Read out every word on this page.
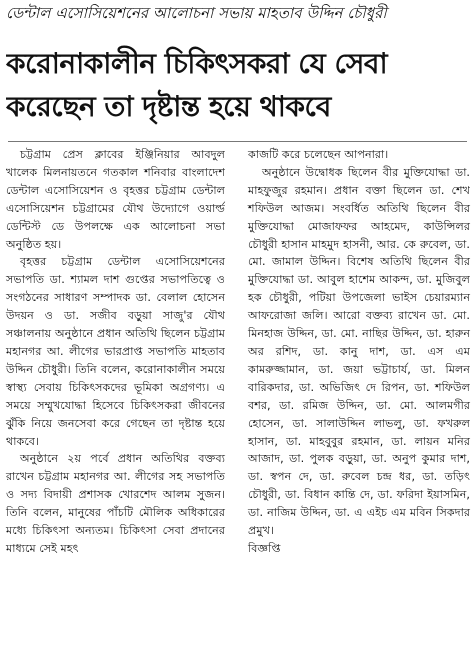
ডেন্টাল এসোসিয়েশনের আলোচনা সভায় মাহতাব উদ্দিন চৌধুরী
করোনাকালীন চিকিৎসকরা যে সেবা
করেছেন তা দৃষ্টান্ত হয়ে থাকবে

চট্টগ্রাম প্রেস ক্লাবের ইঞ্জিনিয়ার আবদুল খালেক মিলনায়তনে গতকাল শনিবার বাংলাদেশ ডেন্টাল এসোসিয়েশন ও বৃহত্তর চট্টগ্রাম ডেন্টাল এসোসিয়েশন চট্টগ্রামের যৌথ উদ্যোগে ওয়ার্ল্ড ডেন্টিস্ট ডে উপলক্ষে এক আলোচনা সভা অনুষ্ঠিত হয়।

বৃহত্তর চট্টগ্রাম ডেন্টাল এসোসিয়েশনের সভাপতি ডা. শ্যামল দাশ গুপ্তের সভাপতিত্বে ও সংগঠনের সাধারণ সম্পাদক ডা. বেলাল হোসেন উদয়ন ও ডা. সজীব বড়ুয়া সাজু'র যৌথ সঞ্চালনায় অনুষ্ঠানে প্রধান অতিথি ছিলেন চট্টগ্রাম মহানগর আ. লীগের ভারপ্রাপ্ত সভাপতি মাহতাব উদ্দিন চৌধুরী। তিনি বলেন, করোনাকালীন সময়ে স্বাস্থ্য সেবায় চিকিৎসকদের ভূমিকা অগ্রগণ্য। এ সময়ে সম্মুখযোদ্ধা হিসেবে চিকিৎসকরা জীবনের ঝুঁকি নিয়ে জনসেবা করে গেছেন তা দৃষ্টান্ত হয়ে থাকবে।

অনুষ্ঠানে ২য় পর্বে প্রধান অতিথির বক্তব্য রাখেন চট্টগ্রাম মহানগর আ. লীগের সহ সভাপতি ও সদ্য বিদায়ী প্রশাসক খোরশেদ আলম সুজন। তিনি বলেন, মানুষের পাঁচটি মৌলিক অধিকারের মধ্যে চিকিৎসা অন্যতম। চিকিৎসা সেবা প্রদানের মাধ্যমে সেই মহৎ

কাজটি করে চলেছেন আপনারা।

অনুষ্ঠানে উদ্বোধক ছিলেন বীর মুক্তিযোদ্ধা ডা. মাহফুজুর রহমান। প্রধান বক্তা ছিলেন ডা. শেখ শফিউল আজম। সংবর্ধিত অতিথি ছিলেন বীর মুক্তিযোদ্ধা মোজাফফর আহমেদ, কাউন্সিলর চৌধুরী হাসান মাহমুদ হাসনী, আর. কে রুবেল, ডা. মো. জামাল উদ্দিন। বিশেষ অতিথি ছিলেন বীর মুক্তিযোদ্ধা ডা. আবুল হাশেম আকন্দ, ডা. মুজিবুল হক চৌধুরী, পটিয়া উপজেলা ভাইস চেয়ারম্যান আফরোজা জলি। আরো বক্তব্য রাখেন ডা. মো. মিনহাজ উদ্দিন, ডা. মো. নাছির উদ্দিন, ডা. হারুন অর রশিদ, ডা. কানু দাশ, ডা. এস এম কামরুজ্জামান, ডা. জয়া ভট্টাচার্য, ডা. মিলন বারিকদার, ডা. অভিজিৎ দে রিপন, ডা. শফিউল বশর, ডা. রমিজ উদ্দিন, ডা. মো. আলমগীর হোসেন, ডা. সালাউদ্দিন লাভলু, ডা. ফখরুল হাসান, ডা. মাহবুবুর রহমান, ডা. লায়ন মনির আজাদ, ডা. পুলক বড়ুয়া, ডা. অনুপ কুমার দাশ, ডা. স্বপন দে, ডা. রুবেল চন্দ্র ধর, ডা. তড়িৎ চৌধুরী, ডা. বিধান কান্তি দে, ডা. ফরিদা ইয়াসমিন, ডা. নাজিম উদ্দিন, ডা. এ এইচ এম মবিন সিকদার প্রমুখ।

বিজ্ঞপ্তি
